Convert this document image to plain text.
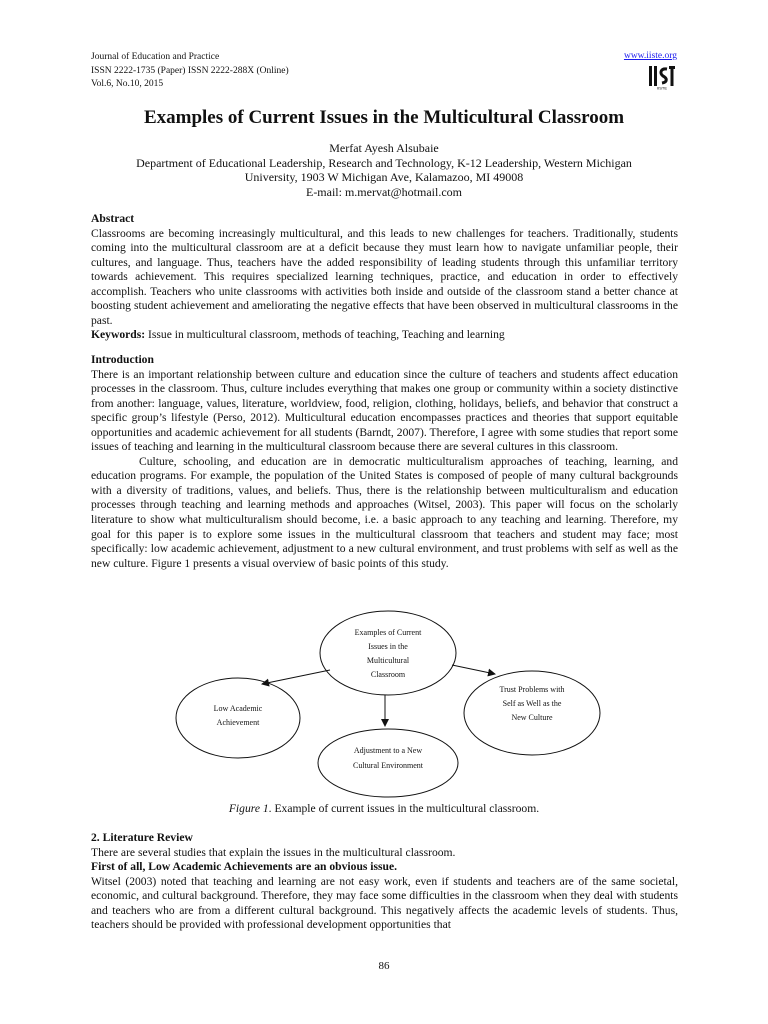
Journal of Education and Practice
ISSN 2222-1735 (Paper) ISSN 2222-288X (Online)
Vol.6, No.10, 2015
www.iiste.org
IISTE
Examples of Current Issues in the Multicultural Classroom
Merfat Ayesh Alsubaie
Department of Educational Leadership, Research and Technology, K-12 Leadership, Western Michigan
University, 1903 W Michigan Ave, Kalamazoo, MI 49008
E-mail: m.mervat@hotmail.com

Abstract

Classrooms are becoming increasingly multicultural, and this leads to new challenges for teachers. Traditionally, students coming into the multicultural classroom are at a deficit because they must learn how to navigate unfamiliar people, their cultures, and language. Thus, teachers have the added responsibility of leading students through this unfamiliar territory towards achievement. This requires specialized learning techniques, practice, and education in order to effectively accomplish. Teachers who unite classrooms with activities both inside and outside of the classroom stand a better chance at boosting student achievement and ameliorating the negative effects that have been observed in multicultural classrooms in the past.

Keywords: Issue in multicultural classroom, methods of teaching, Teaching and learning

Introduction

There is an important relationship between culture and education since the culture of teachers and students affect education processes in the classroom. Thus, culture includes everything that makes one group or community within a society distinctive from another: language, values, literature, worldview, food, religion, clothing, holidays, beliefs, and behavior that construct a specific group’s lifestyle (Perso, 2012). Multicultural education encompasses practices and theories that support equitable opportunities and academic achievement for all students (Barndt, 2007). Therefore, I agree with some studies that report some issues of teaching and learning in the multicultural classroom because there are several cultures in this classroom.

Culture, schooling, and education are in democratic multiculturalism approaches of teaching, learning, and education programs. For example, the population of the United States is composed of people of many cultural backgrounds with a diversity of traditions, values, and beliefs. Thus, there is the relationship between multiculturalism and education processes through teaching and learning methods and approaches (Witsel, 2003). This paper will focus on the scholarly literature to show what multiculturalism should become, i.e. a basic approach to any teaching and learning. Therefore, my goal for this paper is to explore some issues in the multicultural classroom that teachers and student may face; most specifically: low academic achievement, adjustment to a new cultural environment, and trust problems with self as well as the new culture. Figure 1 presents a visual overview of basic points of this study.

Examples of Current
Issues in the
Multicultural
Classroom
Low Academic
Achievement
Trust Problems with
Self as Well as the
New Culture
Adjustment to a New
Cultural Environment
Figure 1. Example of current issues in the multicultural classroom.

2. Literature Review

There are several studies that explain the issues in the multicultural classroom.

First of all, Low Academic Achievements are an obvious issue.

Witsel (2003) noted that teaching and learning are not easy work, even if students and teachers are of the same societal, economic, and cultural background. Therefore, they may face some difficulties in the classroom when they deal with students and teachers who are from a different cultural background. This negatively affects the academic levels of students. Thus, teachers should be provided with professional development opportunities that

86
